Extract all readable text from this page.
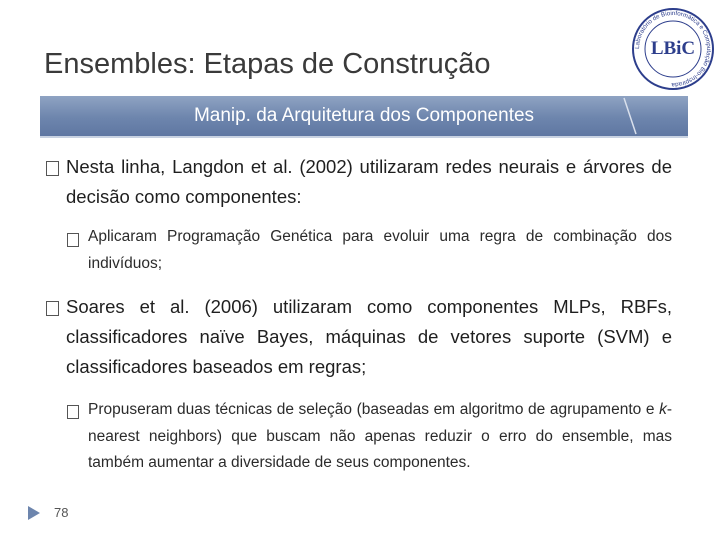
Ensembles: Etapas de Construção
Laboratório de Bioinformática e Computação Bio-Inspirada
LBiC
Manip. da Arquitetura dos Componentes
Nesta linha, Langdon et al. (2002) utilizaram redes neurais e árvores de decisão como componentes:
Aplicaram Programação Genética para evoluir uma regra de combinação dos indivíduos;
Soares et al. (2006) utilizaram como componentes MLPs, RBFs, classificadores naïve Bayes, máquinas de vetores suporte (SVM) e classificadores baseados em regras;
Propuseram duas técnicas de seleção (baseadas em algoritmo de agrupamento e k-nearest neighbors) que buscam não apenas reduzir o erro do ensemble, mas também aumentar a diversidade de seus componentes.
78
